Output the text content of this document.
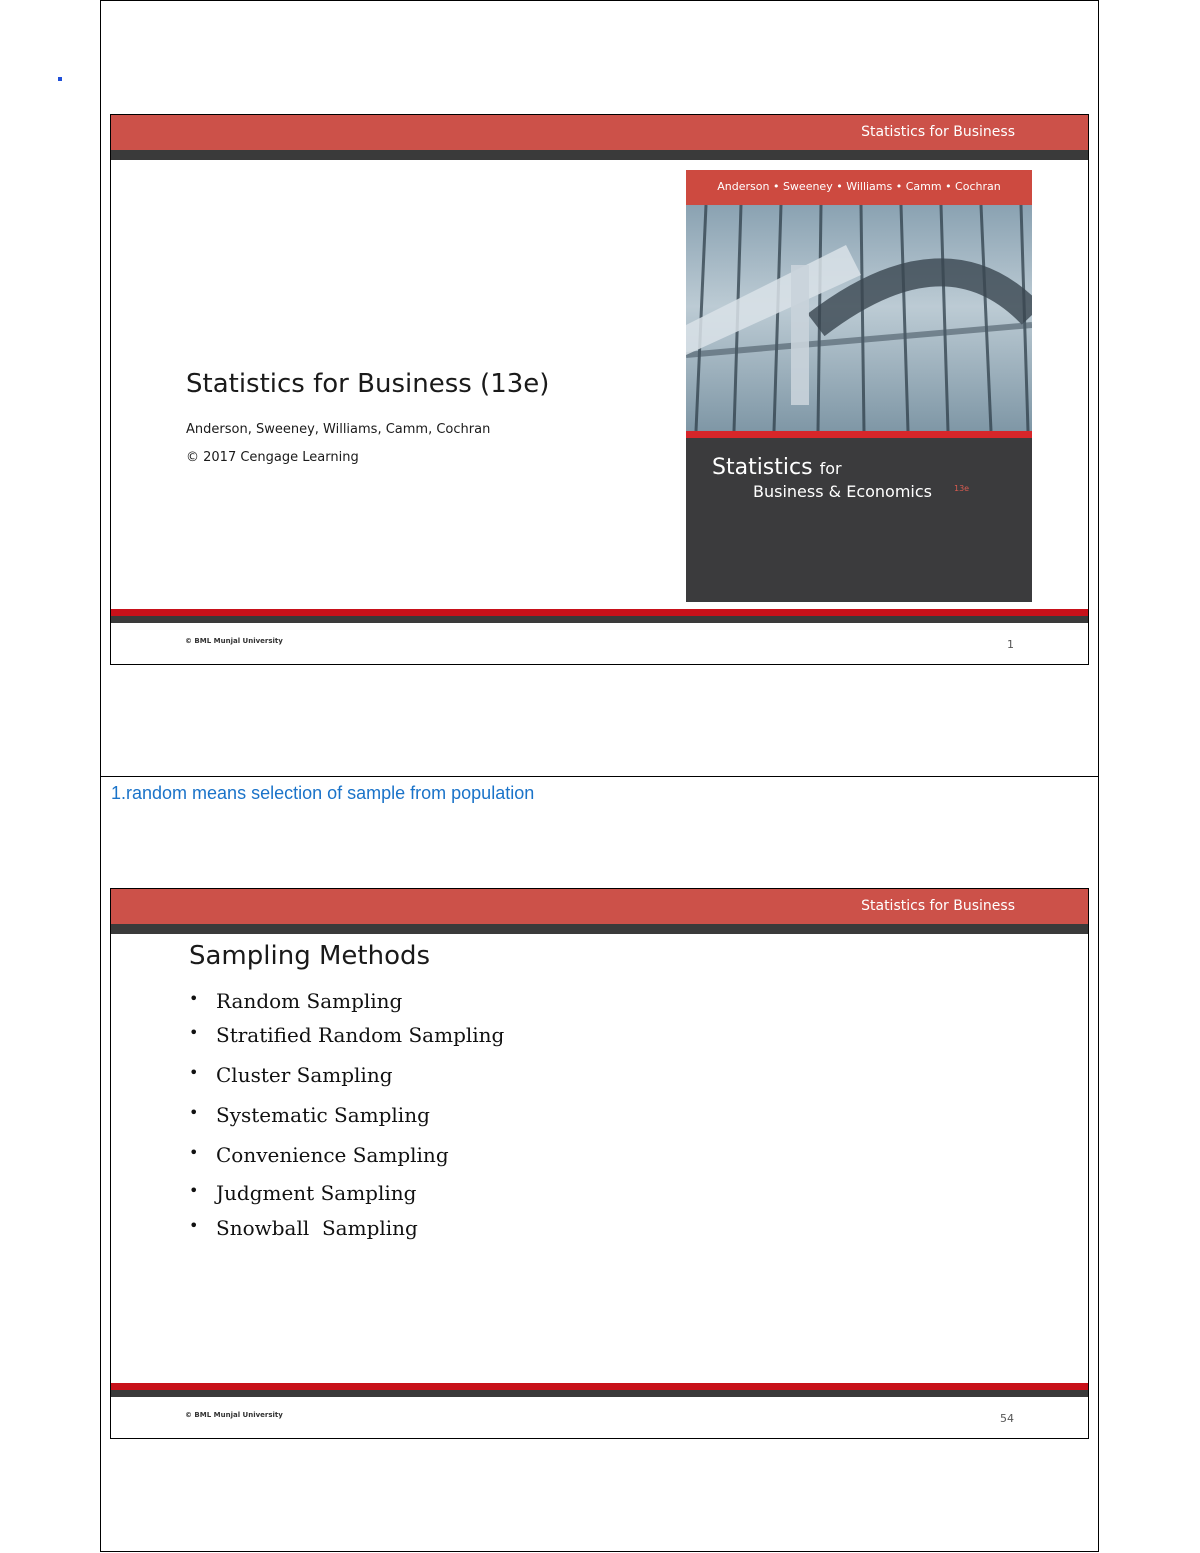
Statistics for Business
Statistics for Business (13e)
Anderson, Sweeney, Williams, Camm, Cochran
© 2017 Cengage Learning
Anderson • Sweeney • Williams • Camm • Cochran
Statistics for
Business & Economics	13e
© BML Munjal University	1
1.random means selection of sample from population
Statistics for Business
Sampling Methods
• Random Sampling
• Stratified Random Sampling
• Cluster Sampling
• Systematic Sampling
• Convenience Sampling
• Judgment Sampling
• Snowball  Sampling
© BML Munjal University	54
